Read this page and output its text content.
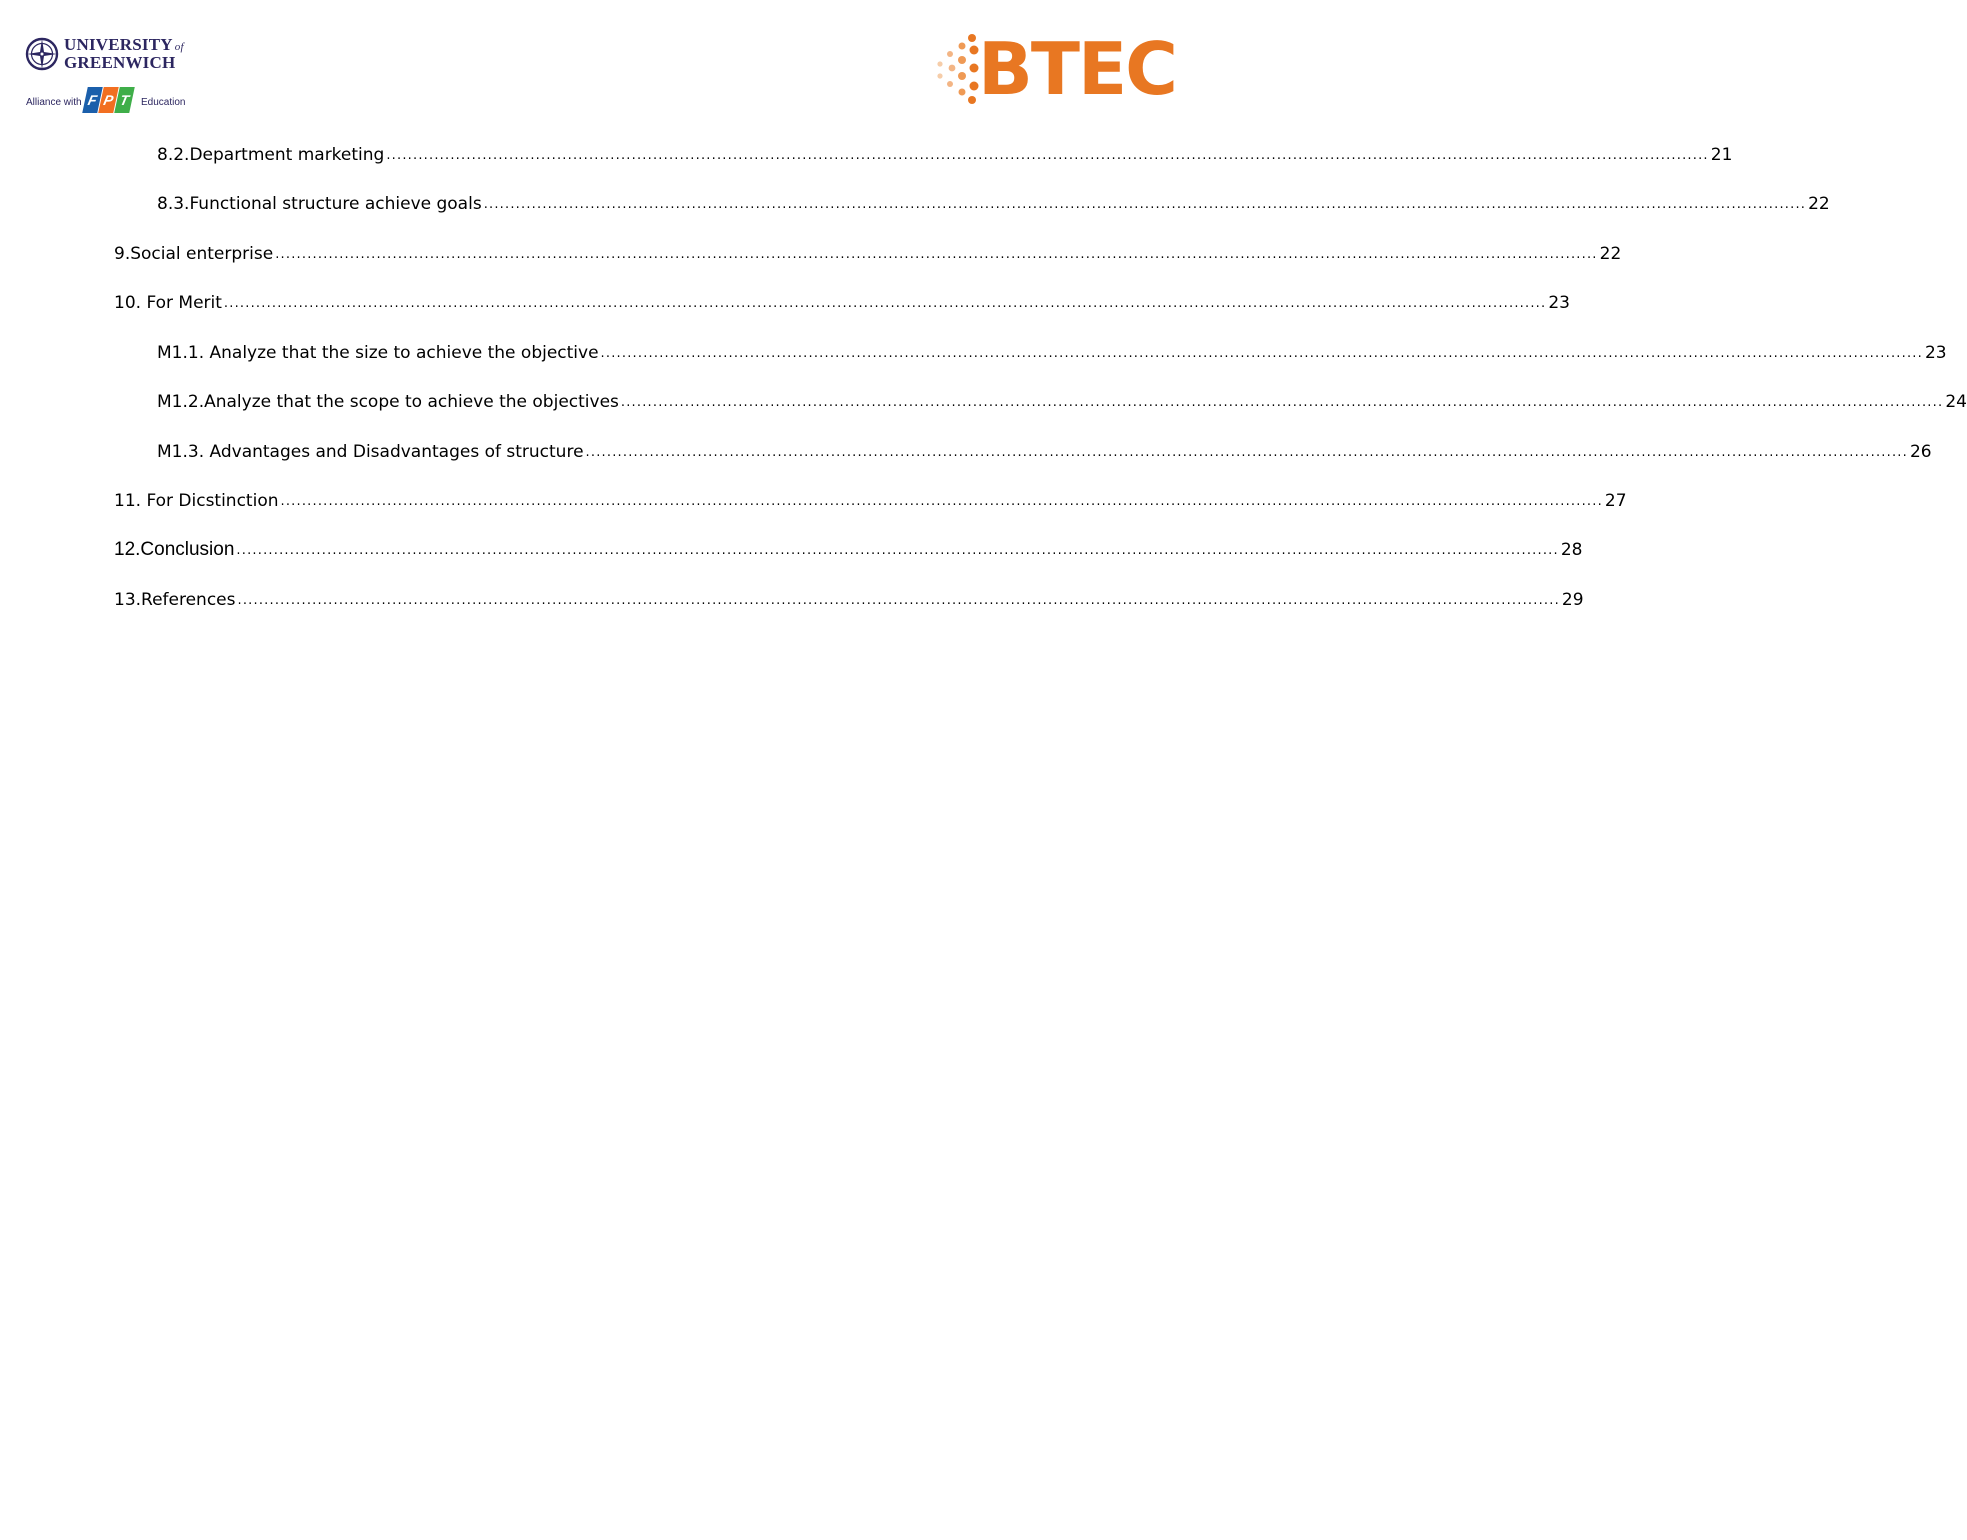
UNIVERSITY of
GREENWICH
Alliance with F P T	Education	BTEC
8.2.Department marketing ........................................................................................................................................................................................................................................................ 21
8.3.Functional structure achieve goals ........................................................................................................................................................................................................................................................ 22
9.Social enterprise ........................................................................................................................................................................................................................................................ 22
10. For Merit ........................................................................................................................................................................................................................................................ 23
M1.1. Analyze that the size to achieve the objective ........................................................................................................................................................................................................................................................ 23
M1.2.Analyze that the scope to achieve the objectives ........................................................................................................................................................................................................................................................ 24
M1.3. Advantages and Disadvantages of structure ........................................................................................................................................................................................................................................................ 26
11. For Dicstinction ........................................................................................................................................................................................................................................................ 27
12.Conclusion ........................................................................................................................................................................................................................................................ 28
13.References ........................................................................................................................................................................................................................................................ 29
